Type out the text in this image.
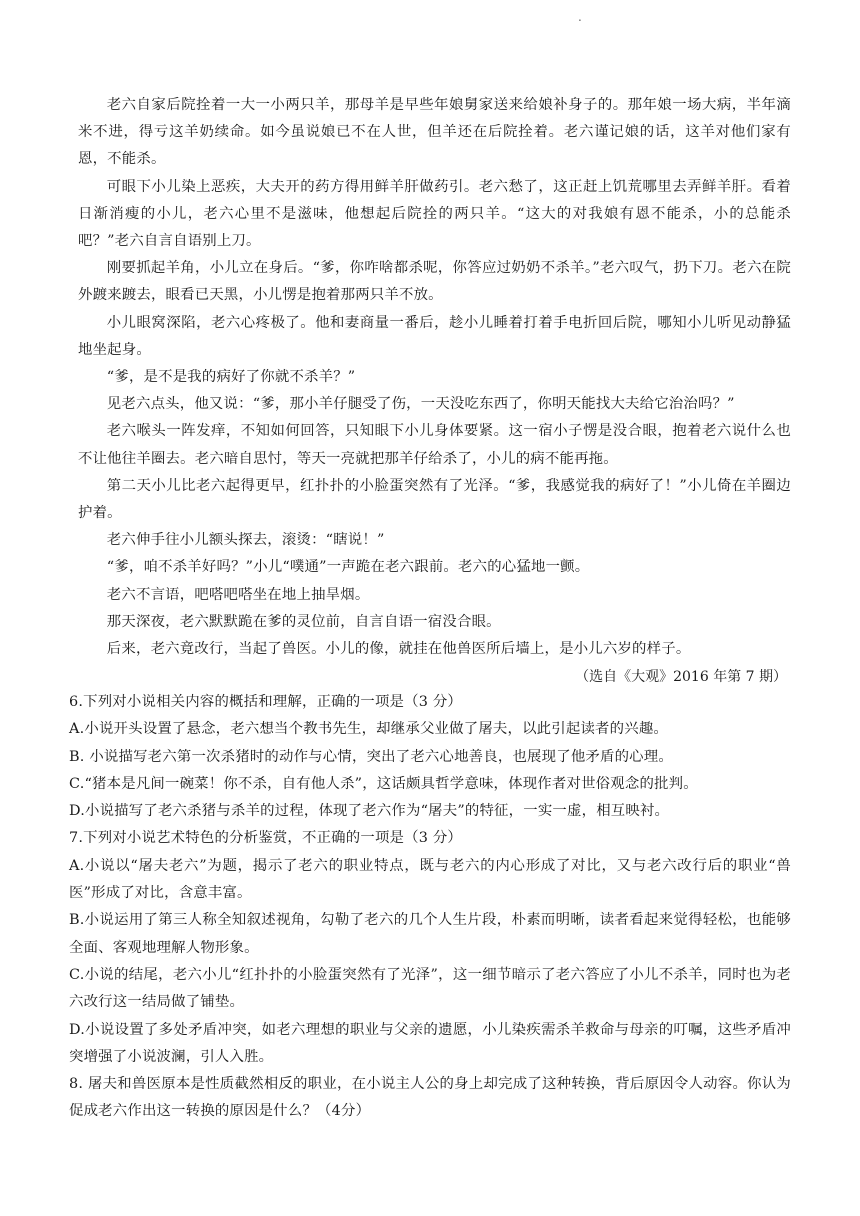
.

老六自家后院拴着一大一小两只羊，那母羊是早些年娘舅家送来给娘补身子的。那年娘一场大病，半年滴米不进，得亏这羊奶续命。如今虽说娘已不在人世，但羊还在后院拴着。老六谨记娘的话，这羊对他们家有恩，不能杀。

可眼下小儿染上恶疾，大夫开的药方得用鲜羊肝做药引。老六愁了，这正赶上饥荒哪里去弄鲜羊肝。看着日渐消瘦的小儿，老六心里不是滋味，他想起后院拴的两只羊。“这大的对我娘有恩不能杀，小的总能杀吧？”老六自言自语别上刀。

刚要抓起羊角，小儿立在身后。“爹，你咋啥都杀呢，你答应过奶奶不杀羊。”老六叹气，扔下刀。老六在院外踱来踱去，眼看已天黑，小儿愣是抱着那两只羊不放。

小儿眼窝深陷，老六心疼极了。他和妻商量一番后，趁小儿睡着打着手电折回后院，哪知小儿听见动静猛地坐起身。

“爹，是不是我的病好了你就不杀羊？”

见老六点头，他又说：“爹，那小羊仔腿受了伤，一天没吃东西了，你明天能找大夫给它治治吗？”

老六喉头一阵发痒，不知如何回答，只知眼下小儿身体要紧。这一宿小子愣是没合眼，抱着老六说什么也不让他往羊圈去。老六暗自思忖，等天一亮就把那羊仔给杀了，小儿的病不能再拖。

第二天小儿比老六起得更早，红扑扑的小脸蛋突然有了光泽。“爹，我感觉我的病好了！”小儿倚在羊圈边护着。

老六伸手往小儿额头探去，滚烫：“瞎说！”

“爹，咱不杀羊好吗？”小儿“噗通”一声跪在老六跟前。老六的心猛地一颤。

老六不言语，吧嗒吧嗒坐在地上抽旱烟。

那天深夜，老六默默跪在爹的灵位前，自言自语一宿没合眼。

后来，老六竟改行，当起了兽医。小儿的像，就挂在他兽医所后墙上，是小儿六岁的样子。

（选自《大观》2016 年第 7 期）

6.下列对小说相关内容的概括和理解，正确的一项是（3 分）

A.小说开头设置了悬念，老六想当个教书先生，却继承父业做了屠夫，以此引起读者的兴趣。

B. 小说描写老六第一次杀猪时的动作与心情，突出了老六心地善良，也展现了他矛盾的心理。

C.“猪本是凡间一碗菜！你不杀，自有他人杀”，这话颇具哲学意味，体现作者对世俗观念的批判。

D.小说描写了老六杀猪与杀羊的过程，体现了老六作为“屠夫”的特征，一实一虚，相互映衬。

7.下列对小说艺术特色的分析鉴赏，不正确的一项是（3 分）

A.小说以“屠夫老六”为题，揭示了老六的职业特点，既与老六的内心形成了对比，又与老六改行后的职业“兽医”形成了对比，含意丰富。

B.小说运用了第三人称全知叙述视角，勾勒了老六的几个人生片段，朴素而明晰，读者看起来觉得轻松，也能够全面、客观地理解人物形象。

C.小说的结尾，老六小儿“红扑扑的小脸蛋突然有了光泽”，这一细节暗示了老六答应了小儿不杀羊，同时也为老六改行这一结局做了铺垫。

D.小说设置了多处矛盾冲突，如老六理想的职业与父亲的遗愿，小儿染疾需杀羊救命与母亲的叮嘱，这些矛盾冲突增强了小说波澜，引人入胜。

8. 屠夫和兽医原本是性质截然相反的职业，在小说主人公的身上却完成了这种转换，背后原因令人动容。你认为促成老六作出这一转换的原因是什么？（4分）
